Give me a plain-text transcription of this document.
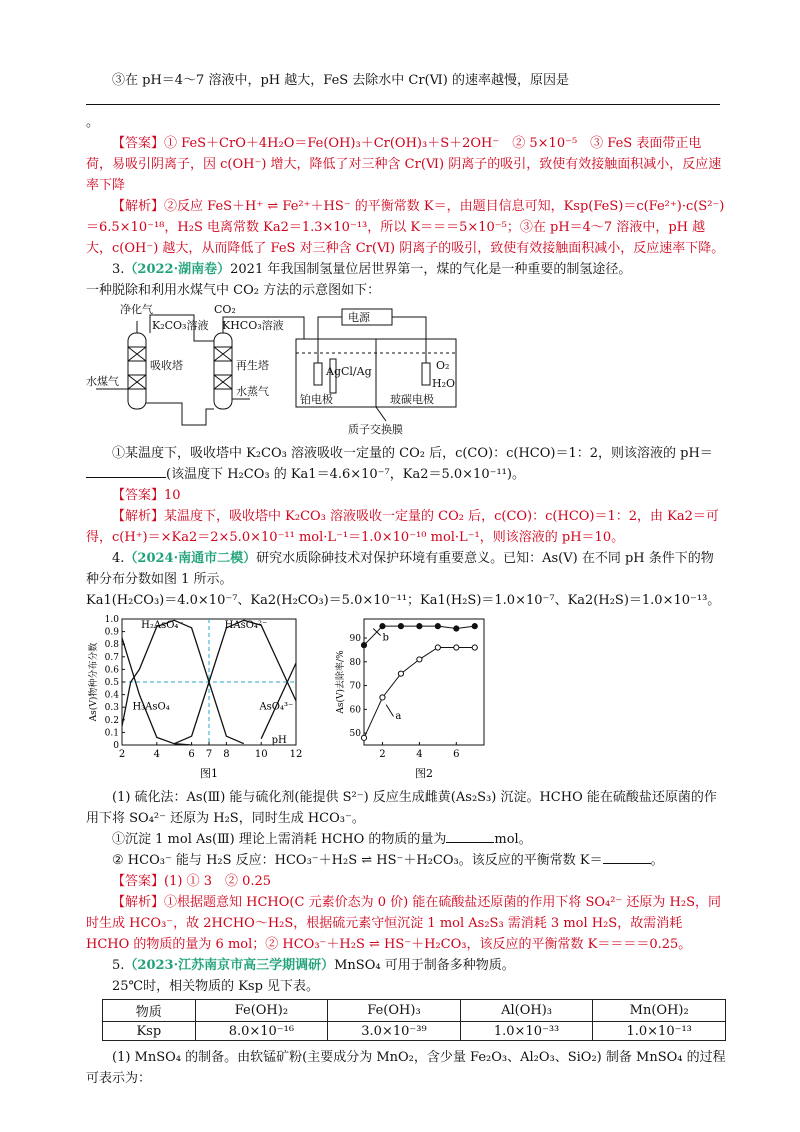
③在 pH＝4～7 溶液中，pH 越大，FeS 去除水中 Cr(Ⅵ) 的速率越慢，原因是

。

【答案】① FeS＋CrO＋4H₂O＝Fe(OH)₃＋Cr(OH)₃＋S＋2OH⁻　② 5×10⁻⁵　③ FeS 表面带正电荷，易吸引阴离子，因 c(OH⁻) 增大，降低了对三种含 Cr(Ⅵ) 阴离子的吸引，致使有效接触面积减小，反应速率下降

【解析】②反应 FeS＋H⁺ ⇌ Fe²⁺＋HS⁻ 的平衡常数 K＝，由题目信息可知，Ksp(FeS)＝c(Fe²⁺)·c(S²⁻)＝6.5×10⁻¹⁸，H₂S 电离常数 Ka2＝1.3×10⁻¹³，所以 K＝＝＝5×10⁻⁵；③在 pH＝4～7 溶液中，pH 越大，c(OH⁻) 越大，从而降低了 FeS 对三种含 Cr(Ⅵ) 阴离子的吸引，致使有效接触面积减小，反应速率下降。

3.（2022·湖南卷）2021 年我国制氢量位居世界第一，煤的气化是一种重要的制氢途径。

一种脱除和利用水煤气中 CO₂ 方法的示意图如下：

净化气	CO₂
K₂CO₃溶液 KHCO₃溶液
吸收塔	再生塔
水煤气
水蒸气
电源
AgCl/Ag
铂电极
O₂
H₂O
玻碳电极
质子交换膜

①某温度下，吸收塔中 K₂CO₃ 溶液吸收一定量的 CO₂ 后，c(CO)：c(HCO)＝1：2，则该溶液的 pH＝

(该温度下 H₂CO₃ 的 Ka1＝4.6×10⁻⁷，Ka2＝5.0×10⁻¹¹)。

【答案】10

【解析】某温度下，吸收塔中 K₂CO₃ 溶液吸收一定量的 CO₂ 后，c(CO)：c(HCO)＝1：2，由 Ka2＝可得，c(H⁺)＝×Ka2＝2×5.0×10⁻¹¹ mol·L⁻¹＝1.0×10⁻¹⁰ mol·L⁻¹，则该溶液的 pH＝10。

4.（2024·南通市二模）研究水质除砷技术对保护环境有重要意义。已知：As(Ⅴ) 在不同 pH 条件下的物种分布分数如图 1 所示。

Ka1(H₂CO₃)＝4.0×10⁻⁷、Ka2(H₂CO₃)＝5.0×10⁻¹¹；Ka1(H₂S)＝1.0×10⁻⁷、Ka2(H₂S)＝1.0×10⁻¹³。

2	4	6 7 8	10 12
0
0.1
0.2
0.3
0.4
0.5
0.6
0.7
0.8
0.9
1.0
pH
As(Ⅴ)物种分布分数
H₂AsO₄⁻	HAsO₄²⁻
H₃AsO₄	AsO₄³⁻
图1
2	4	6
50
60
70
80
90
As(Ⅴ)去除率/%
a
b
图2

(1) 硫化法：As(Ⅲ) 能与硫化剂(能提供 S²⁻) 反应生成雌黄(As₂S₃) 沉淀。HCHO 能在硫酸盐还原菌的作用下将 SO₄²⁻ 还原为 H₂S，同时生成 HCO₃⁻。

①沉淀 1 mol As(Ⅲ) 理论上需消耗 HCHO 的物质的量为	mol。

② HCO₃⁻ 能与 H₂S 反应：HCO₃⁻＋H₂S ⇌ HS⁻＋H₂CO₃。该反应的平衡常数 K＝	。

【答案】(1) ① 3　② 0.25

【解析】①根据题意知 HCHO(C 元素价态为 0 价) 能在硫酸盐还原菌的作用下将 SO₄²⁻ 还原为 H₂S，同时生成 HCO₃⁻，故 2HCHO～H₂S，根据硫元素守恒沉淀 1 mol As₂S₃ 需消耗 3 mol H₂S，故需消耗 HCHO 的物质的量为 6 mol；② HCO₃⁻＋H₂S ⇌ HS⁻＋H₂CO₃，该反应的平衡常数 K＝＝＝＝0.25。

5.（2023·江苏南京市高三学期调研）MnSO₄ 可用于制备多种物质。

25℃时，相关物质的 Ksp 见下表。

物质	Fe(OH)₂	Fe(OH)₃	Al(OH)₃	Mn(OH)₂
Ksp	8.0×10⁻¹⁶	3.0×10⁻³⁹	1.0×10⁻³³	1.0×10⁻¹³

(1) MnSO₄ 的制备。由软锰矿粉(主要成分为 MnO₂，含少量 Fe₂O₃、Al₂O₃、SiO₂) 制备 MnSO₄ 的过程可表示为：
